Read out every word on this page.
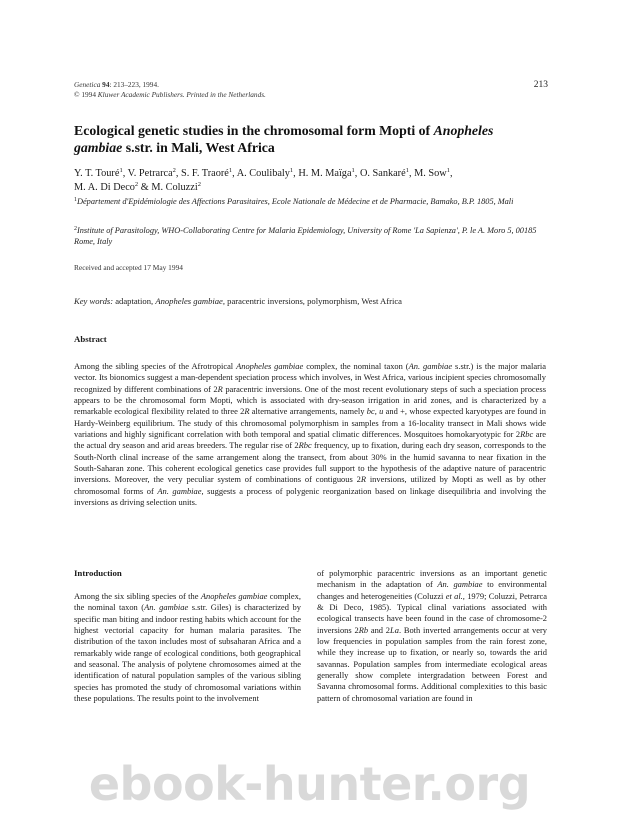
Genetica 94: 213–223, 1994.
© 1994 Kluwer Academic Publishers. Printed in the Netherlands.
213
Ecological genetic studies in the chromosomal form Mopti of Anopheles gambiae s.str. in Mali, West Africa
Y. T. Touré$^1$, V. Petrarca$^2$, S. F. Traoré$^1$, A. Coulibaly$^1$, H. M. Maïga$^1$, O. Sankaré$^1$, M. Sow$^1$,
M. A. Di Deco$^2$ & M. Coluzzi$^2$
$^1$Département d'Epidémiologie des Affections Parasitaires, Ecole Nationale de Médecine et de Pharmacie, Bamako, B.P. 1805, Mali
$^2$Institute of Parasitology, WHO-Collaborating Centre for Malaria Epidemiology, University of Rome 'La Sapienza', P. le A. Moro 5, 00185 Rome, Italy
Received and accepted 17 May 1994
Key words: adaptation, Anopheles gambiae, paracentric inversions, polymorphism, West Africa
Abstract
Among the sibling species of the Afrotropical Anopheles gambiae complex, the nominal taxon (An. gambiae s.str.) is the major malaria vector. Its bionomics suggest a man-dependent speciation process which involves, in West Africa, various incipient species chromosomally recognized by different combinations of 2R paracentric inversions. One of the most recent evolutionary steps of such a speciation process appears to be the chromosomal form Mopti, which is associated with dry-season irrigation in arid zones, and is characterized by a remarkable ecological flexibility related to three 2R alternative arrangements, namely bc, u and +, whose expected karyotypes are found in Hardy-Weinberg equilibrium. The study of this chromosomal polymorphism in samples from a 16-locality transect in Mali shows wide variations and highly significant correlation with both temporal and spatial climatic differences. Mosquitoes homokaryotypic for 2Rbc are the actual dry season and arid areas breeders. The regular rise of 2Rbc frequency, up to fixation, during each dry season, corresponds to the South-North clinal increase of the same arrangement along the transect, from about 30% in the humid savanna to near fixation in the South-Saharan zone. This coherent ecological genetics case provides full support to the hypothesis of the adaptive nature of paracentric inversions. Moreover, the very peculiar system of combinations of contiguous 2R inversions, utilized by Mopti as well as by other chromosomal forms of An. gambiae, suggests a process of polygenic reorganization based on linkage disequilibria and involving the inversions as driving selection units.
Introduction
Among the six sibling species of the Anopheles gambiae complex, the nominal taxon (An. gambiae s.str. Giles) is characterized by specific man biting and indoor resting habits which account for the highest vectorial capacity for human malaria parasites. The distribution of the taxon includes most of subsaharan Africa and a remarkably wide range of ecological conditions, both geographical and seasonal. The analysis of polytene chromosomes aimed at the identification of natural population samples of the various sibling species has promoted the study of chromosomal variations within these populations. The results point to the involvement
of polymorphic paracentric inversions as an important genetic mechanism in the adaptation of An. gambiae to environmental changes and heterogeneities (Coluzzi et al., 1979; Coluzzi, Petrarca & Di Deco, 1985). Typical clinal variations associated with ecological transects have been found in the case of chromosome-2 inversions 2Rb and 2La. Both inverted arrangements occur at very low frequencies in population samples from the rain forest zone, while they increase up to fixation, or nearly so, towards the arid savannas. Population samples from intermediate ecological areas generally show complete intergradation between Forest and Savanna chromosomal forms. Additional complexities to this basic pattern of chromosomal variation are found in
ebook-hunter.org
